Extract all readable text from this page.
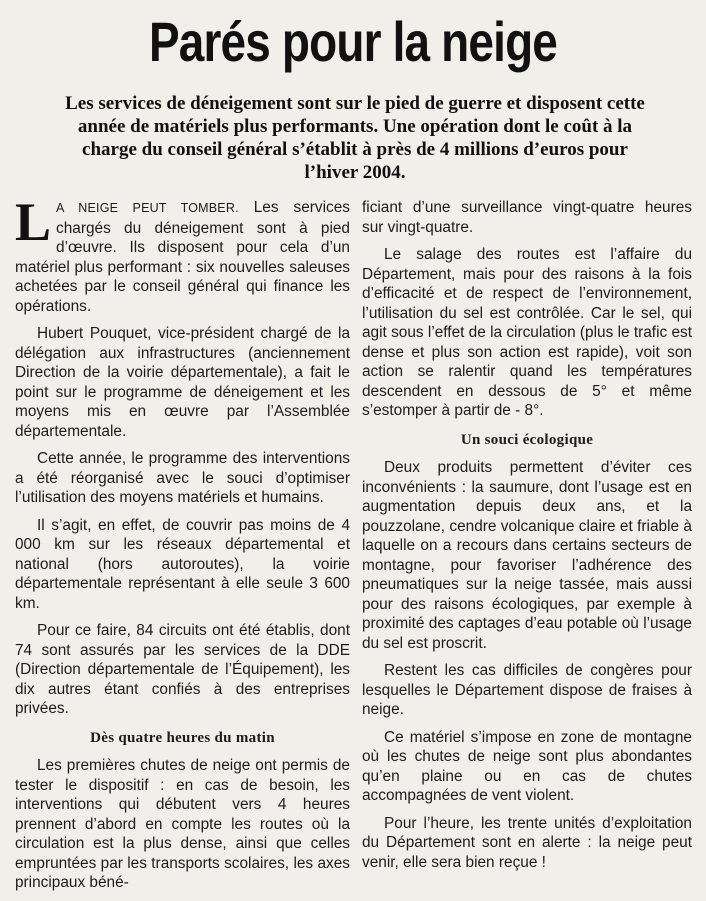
Parés pour la neige
Les services de déneigement sont sur le pied de guerre et disposent cette année de matériels plus performants. Une opération dont le coût à la charge du conseil général s’établit à près de 4 millions d’euros pour l’hiver 2004.

L A NEIGE PEUT TOMBER. Les services chargés du déneigement sont à pied d’œuvre. Ils disposent pour cela d’un matériel plus performant : six nouvelles saleuses achetées par le conseil général qui finance les opérations.

Hubert Pouquet, vice-président chargé de la délégation aux infrastructures (anciennement Direction de la voirie départementale), a fait le point sur le programme de déneigement et les moyens mis en œuvre par l’Assemblée départementale.

Cette année, le programme des interventions a été réorganisé avec le souci d’optimiser l’utilisation des moyens matériels et humains.

Il s’agit, en effet, de couvrir pas moins de 4 000 km sur les réseaux départemental et national (hors autoroutes), la voirie départementale représentant à elle seule 3 600 km.

Pour ce faire, 84 circuits ont été établis, dont 74 sont assurés par les services de la DDE (Direction départementale de l’Équipement), les dix autres étant confiés à des entreprises privées.

Dès quatre heures du matin

Les premières chutes de neige ont permis de tester le dispositif : en cas de besoin, les interventions qui débutent vers 4 heures prennent d’abord en compte les routes où la circulation est la plus dense, ainsi que celles empruntées par les transports scolaires, les axes principaux béné-

ficiant d’une surveillance vingt-quatre heures sur vingt-quatre.

Le salage des routes est l’affaire du Département, mais pour des raisons à la fois d’efficacité et de respect de l’environnement, l’utilisation du sel est contrôlée. Car le sel, qui agit sous l’effet de la circulation (plus le trafic est dense et plus son action est rapide), voit son action se ralentir quand les températures descendent en dessous de 5° et même s’estomper à partir de - 8°.

Un souci écologique

Deux produits permettent d’éviter ces inconvénients : la saumure, dont l’usage est en augmentation depuis deux ans, et la pouzzolane, cendre volcanique claire et friable à laquelle on a recours dans certains secteurs de montagne, pour favoriser l’adhérence des pneumatiques sur la neige tassée, mais aussi pour des raisons écologiques, par exemple à proximité des captages d’eau potable où l’usage du sel est proscrit.

Restent les cas difficiles de congères pour lesquelles le Département dispose de fraises à neige.

Ce matériel s’impose en zone de montagne où les chutes de neige sont plus abondantes qu’en plaine ou en cas de chutes accompagnées de vent violent.

Pour l’heure, les trente unités d’exploitation du Département sont en alerte : la neige peut venir, elle sera bien reçue !
